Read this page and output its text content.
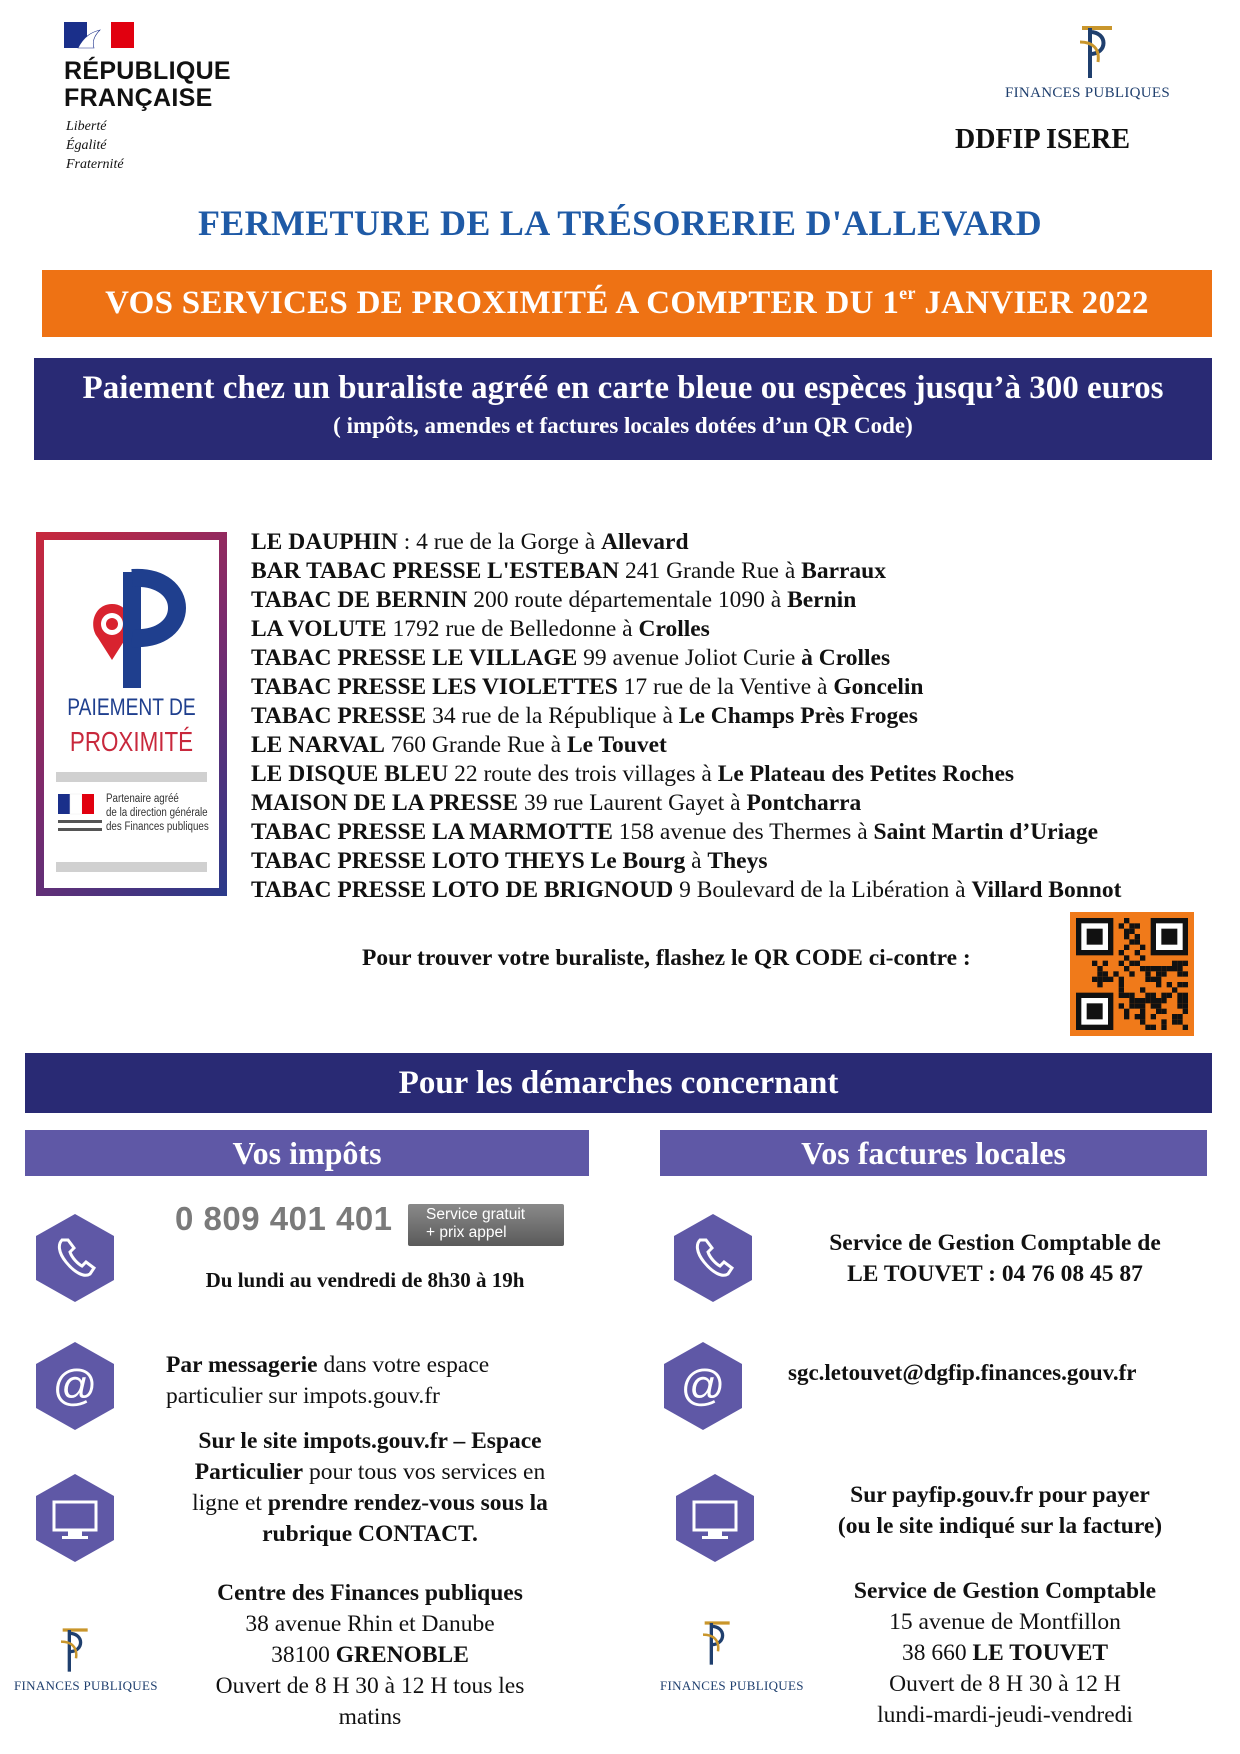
RÉPUBLIQUE
FRANÇAISE
Liberté
Égalité
Fraternité
FINANCES PUBLIQUES
DDFIP ISERE
FERMETURE DE LA TRÉSORERIE D'ALLEVARD
VOS SERVICES DE PROXIMITÉ A COMPTER DU 1er JANVIER 2022
Paiement chez un buraliste agréé en carte bleue ou espèces jusqu’à 300 euros
( impôts, amendes et factures locales dotées d’un QR Code)
PAIEMENT DE
PROXIMITÉ
Partenaire agréé
de la direction générale
des Finances publiques
LE DAUPHIN : 4 rue de la Gorge à Allevard
BAR TABAC PRESSE L'ESTEBAN 241 Grande Rue à Barraux
TABAC DE BERNIN 200 route départementale 1090 à Bernin
LA VOLUTE 1792 rue de Belledonne à Crolles
TABAC PRESSE LE VILLAGE 99 avenue Joliot Curie à Crolles
TABAC PRESSE LES VIOLETTES 17 rue de la Ventive à Goncelin
TABAC PRESSE 34 rue de la République à Le Champs Près Froges
LE NARVAL 760 Grande Rue à Le Touvet
LE DISQUE BLEU 22 route des trois villages à Le Plateau des Petites Roches
MAISON DE LA PRESSE 39 rue Laurent Gayet à Pontcharra
TABAC PRESSE LA MARMOTTE 158 avenue des Thermes à Saint Martin d’Uriage
TABAC PRESSE LOTO THEYS Le Bourg à Theys
TABAC PRESSE LOTO DE BRIGNOUD 9 Boulevard de la Libération à Villard Bonnot
Pour trouver votre buraliste, flashez le QR CODE ci-contre :
Pour les démarches concernant
Vos impôts	Vos factures locales
0 809 401 401 Service gratuit
+ prix appel
Du lundi au vendredi de 8h30 à 19h
@	Par messagerie dans votre espace
particulier sur impots.gouv.fr
Sur le site impots.gouv.fr – Espace
Particulier pour tous vos services en
ligne et prendre rendez-vous sous la
rubrique CONTACT.
FINANCES PUBLIQUES
Centre des Finances publiques
38 avenue Rhin et Danube
38100 GRENOBLE
Ouvert de 8 H 30 à 12 H tous les
matins
Service de Gestion Comptable de
LE TOUVET : 04 76 08 45 87
@	sgc.letouvet@dgfip.finances.gouv.fr
Sur payfip.gouv.fr pour payer
(ou le site indiqué sur la facture)
FINANCES PUBLIQUES
Service de Gestion Comptable
15 avenue de Montfillon
38 660 LE TOUVET
Ouvert de 8 H 30 à 12 H
lundi-mardi-jeudi-vendredi
